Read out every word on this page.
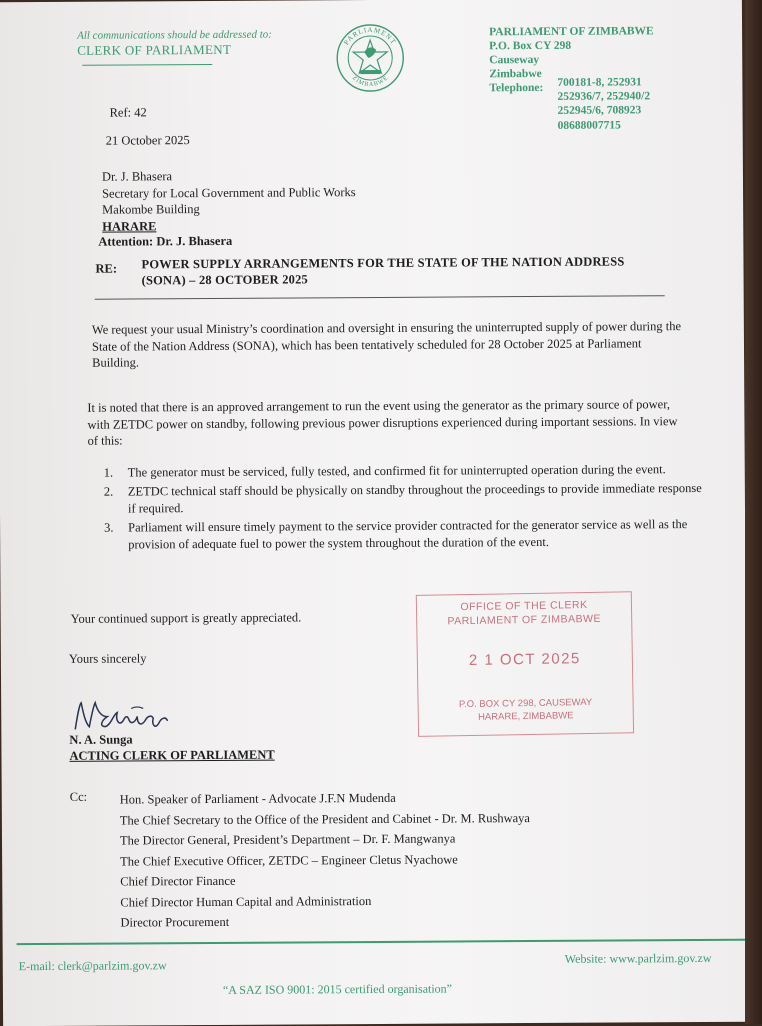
All communications should be addressed to:
CLERK OF PARLIAMENT	PARLIAMENT
ZIMBABWE
PARLIAMENT OF ZIMBABWE
P.O. Box CY 298
Causeway
Zimbabwe
Telephone:	700181-8, 252931
252936/7, 252940/2
252945/6, 708923
08688007715
Ref: 42
21 October 2025
Dr. J. Bhasera
Secretary for Local Government and Public Works
Makombe Building
HARARE
Attention: Dr. J. Bhasera
RE: POWER SUPPLY ARRANGEMENTS FOR THE STATE OF THE NATION ADDRESS
(SONA) – 28 OCTOBER 2025
We request your usual Ministry’s coordination and oversight in ensuring the uninterrupted supply of power during the State of the Nation Address (SONA), which has been tentatively scheduled for 28 October 2025 at Parliament Building.
It is noted that there is an approved arrangement to run the event using the generator as the primary source of power, with ZETDC power on standby, following previous power disruptions experienced during important sessions. In view of this:
1.	The generator must be serviced, fully tested, and confirmed fit for uninterrupted operation during the event.
2.	ZETDC technical staff should be physically on standby throughout the proceedings to provide immediate response if required.
3.	Parliament will ensure timely payment to the service provider contracted for the generator service as well as the provision of adequate fuel to power the system throughout the duration of the event.
Your continued support is greatly appreciated.
Yours sincerely
N. A. Sunga
ACTING CLERK OF PARLIAMENT
OFFICE OF THE CLERK
PARLIAMENT OF ZIMBABWE
2 1 OCT 2025
P.O. BOX CY 298, CAUSEWAY
HARARE, ZIMBABWE
Cc:	Hon. Speaker of Parliament - Advocate J.F.N Mudenda
The Chief Secretary to the Office of the President and Cabinet - Dr. M. Rushwaya
The Director General, President’s Department – Dr. F. Mangwanya
The Chief Executive Officer, ZETDC – Engineer Cletus Nyachowe
Chief Director Finance
Chief Director Human Capital and Administration
Director Procurement
E-mail: clerk@parlzim.gov.zw	Website: www.parlzim.gov.zw
“A SAZ ISO 9001: 2015 certified organisation”
